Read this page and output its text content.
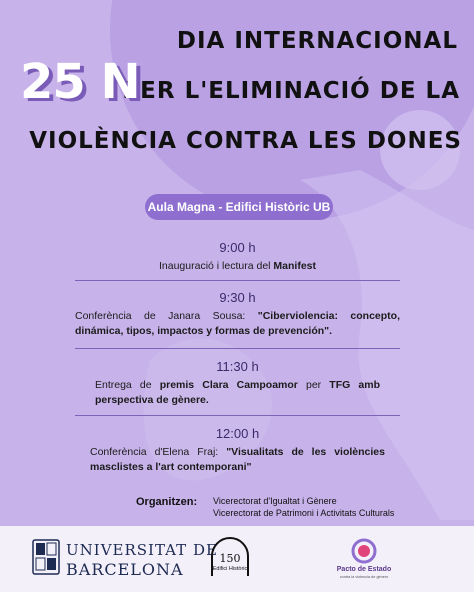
DIA INTERNACIONAL
PER L'ELIMINACIÓ DE LA
VIOLÈNCIA CONTRA LES DONES
25 N
Aula Magna - Edifici Històric UB
9:00 h
Inauguració i lectura del Manifest
9:30 h
Conferència de Janara Sousa: "Ciberviolencia: concepto, dinámica, tipos, impactos y formas de prevención".
11:30 h
Entrega de premis Clara Campoamor per TFG amb perspectiva de gènere.
12:00 h
Conferència d'Elena Fraj: "Visualitats de les violències masclistes a l'art contemporani"
Organitzen: Vicerectorat d'Igualtat i Gènere
Vicerectorat de Patrimoni i Activitats Culturals
UNIVERSITAT DE
BARCELONA
150
Edifici Històric	Pacto de Estado
contra la violencia de género
